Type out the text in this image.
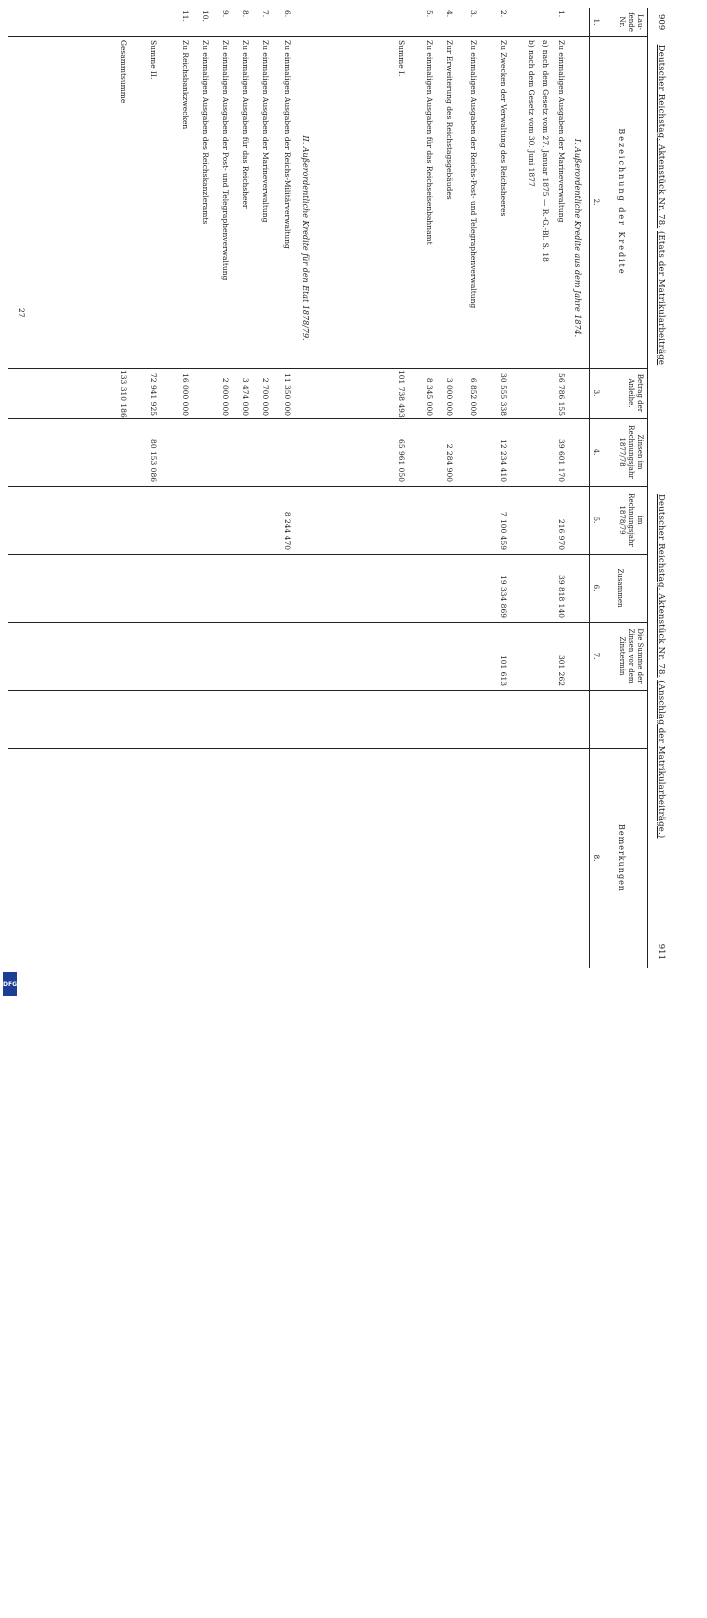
909 Deutscher Reichstag. Aktenstück Nr. 78. (Etats der Matrikularbeiträge
Deutscher Reichstag. Aktenstück Nr. 78. (Anschlag der Matrikularbeiträge.)
911
Lau- fende Nr.
Bezeichnung der Kredite
Betrag der Anleihe.
Zinsen im Rechnungsjahr 1877/78
im Rechnungsjahr 1878/79
Zusammen
Die Summe der Zinsen vor dem Zinstermin
Bemerkungen
1.
2.
3.
4.
5.
6.
7.
8.
I. Außerordentliche Kredite aus dem Jahre 1874.
II. Außerordentliche Kredite für den Etat 1878/79.
1.
Zu einmaligen Ausgaben der Marineverwaltung
56 786 155
39 601 170
216 970
39 818 140
301 262
a) nach dem Gesetz vom 27. Januar 1875 — R.-G.-Bl. S. 18
b) nach dem Gesetz vom 30. Juni 1877
2.
Zu Zwecken der Verwaltung des Reichsheeres
30 555 338
12 234 410
7 100 459
19 334 869
101 613
3.
Zu einmaligen Ausgaben der Reichs-Post- und Telegraphenverwaltung
6 852 000
4.
Zur Erweiterung des Reichstagsgebäudes
3 000 000
2 284 900
5.
Zu einmaligen Ausgaben für das Reichseisenbahnamt
8 345 000
Summe I.
101 738 493
65 961 050
6.
Zu einmaligen Ausgaben der Reichs-Militärverwaltung
11 350 000
8 244 470
7.
Zu einmaligen Ausgaben der Marineverwaltung
2 700 000
8.
Zu einmaligen Ausgaben für das Reichsheer
3 474 000
9.
Zu einmaligen Ausgaben der Post- und Telegraphenverwaltung
2 000 000
10.
Zu einmaligen Ausgaben des Reichskanzleramts
11.
Zu Reichsbankzwecken
16 000 000
Summe II.
72 941 925
80 153 086
Gesammtsumme
133 310 186
27
DFG
